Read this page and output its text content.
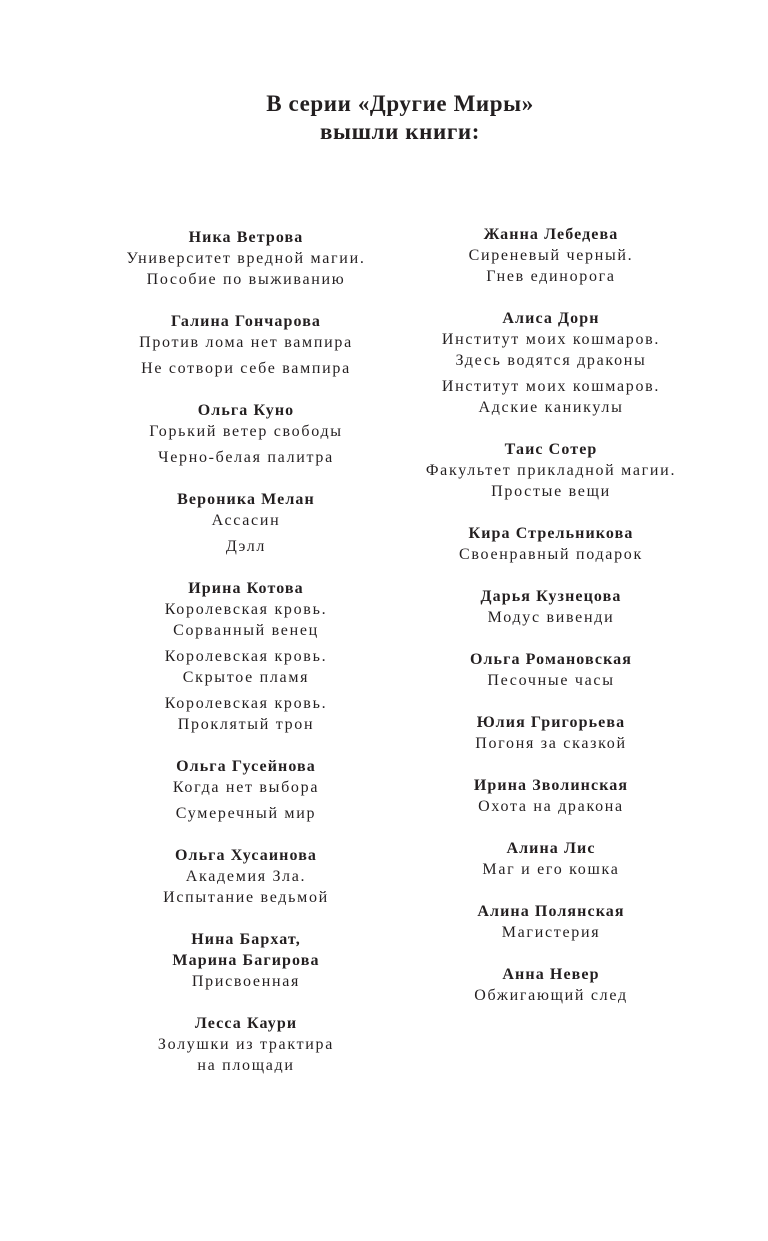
В серии «Другие Миры»
вышли книги:
Ника Ветрова
Университет вредной магии.
Пособие по выживанию
Галина Гончарова
Против лома нет вампира
Не сотвори себе вампира
Ольга Куно
Горький ветер свободы
Черно-белая палитра
Вероника Мелан
Ассасин
Дэлл
Ирина Котова
Королевская кровь.
Сорванный венец
Королевская кровь.
Скрытое пламя
Королевская кровь.
Проклятый трон
Ольга Гусейнова
Когда нет выбора
Сумеречный мир
Ольга Хусаинова
Академия Зла.
Испытание ведьмой
Нина Бархат,
Марина Багирова
Присвоенная
Лесса Каури
Золушки из трактира
на площади
Жанна Лебедева
Сиреневый черный.
Гнев единорога
Алиса Дорн
Институт моих кошмаров.
Здесь водятся драконы
Институт моих кошмаров.
Адские каникулы
Таис Сотер
Факультет прикладной магии.
Простые вещи
Кира Стрельникова
Своенравный подарок
Дарья Кузнецова
Модус вивенди
Ольга Романовская
Песочные часы
Юлия Григорьева
Погоня за сказкой
Ирина Зволинская
Охота на дракона
Алина Лис
Маг и его кошка
Алина Полянская
Магистерия
Анна Невер
Обжигающий след
